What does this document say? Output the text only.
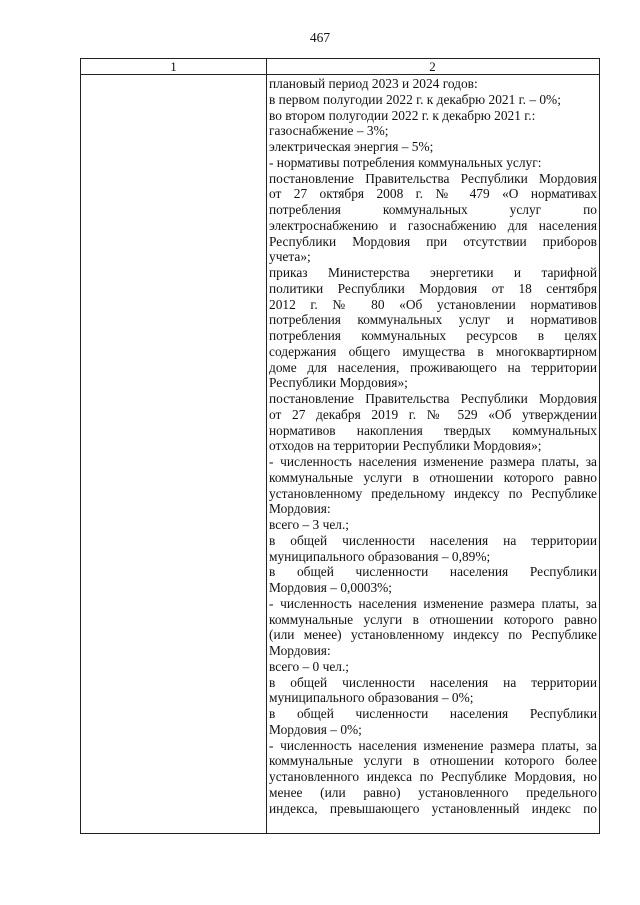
467
1	2
плановый период 2023 и 2024 годов:
в первом полугодии 2022 г. к декабрю 2021 г. – 0%;
во втором полугодии 2022 г. к декабрю 2021 г.:
газоснабжение – 3%;
электрическая энергия – 5%;
- нормативы потребления коммунальных услуг:
постановление Правительства Республики Мордовия
от 27 октября 2008 г. № 479 «О нормативах
потребления коммунальных услуг по
электроснабжению и газоснабжению для населения
Республики Мордовия при отсутствии приборов
учета»;
приказ Министерства энергетики и тарифной
политики Республики Мордовия от 18 сентября
2012 г. № 80 «Об установлении нормативов
потребления коммунальных услуг и нормативов
потребления коммунальных ресурсов в целях
содержания общего имущества в многоквартирном
доме для населения, проживающего на территории
Республики Мордовия»;
постановление Правительства Республики Мордовия
от 27 декабря 2019 г. № 529 «Об утверждении
нормативов накопления твердых коммунальных
отходов на территории Республики Мордовия»;
- численность населения изменение размера платы, за
коммунальные услуги в отношении которого равно
установленному предельному индексу по Республике
Мордовия:
всего – 3 чел.;
в общей численности населения на территории
муниципального образования – 0,89%;
в общей численности населения Республики
Мордовия – 0,0003%;
- численность населения изменение размера платы, за
коммунальные услуги в отношении которого равно
(или менее) установленному индексу по Республике
Мордовия:
всего – 0 чел.;
в общей численности населения на территории
муниципального образования – 0%;
в общей численности населения Республики
Мордовия – 0%;
- численность населения изменение размера платы, за
коммунальные услуги в отношении которого более
установленного индекса по Республике Мордовия, но
менее (или равно) установленного предельного
индекса, превышающего установленный индекс по
